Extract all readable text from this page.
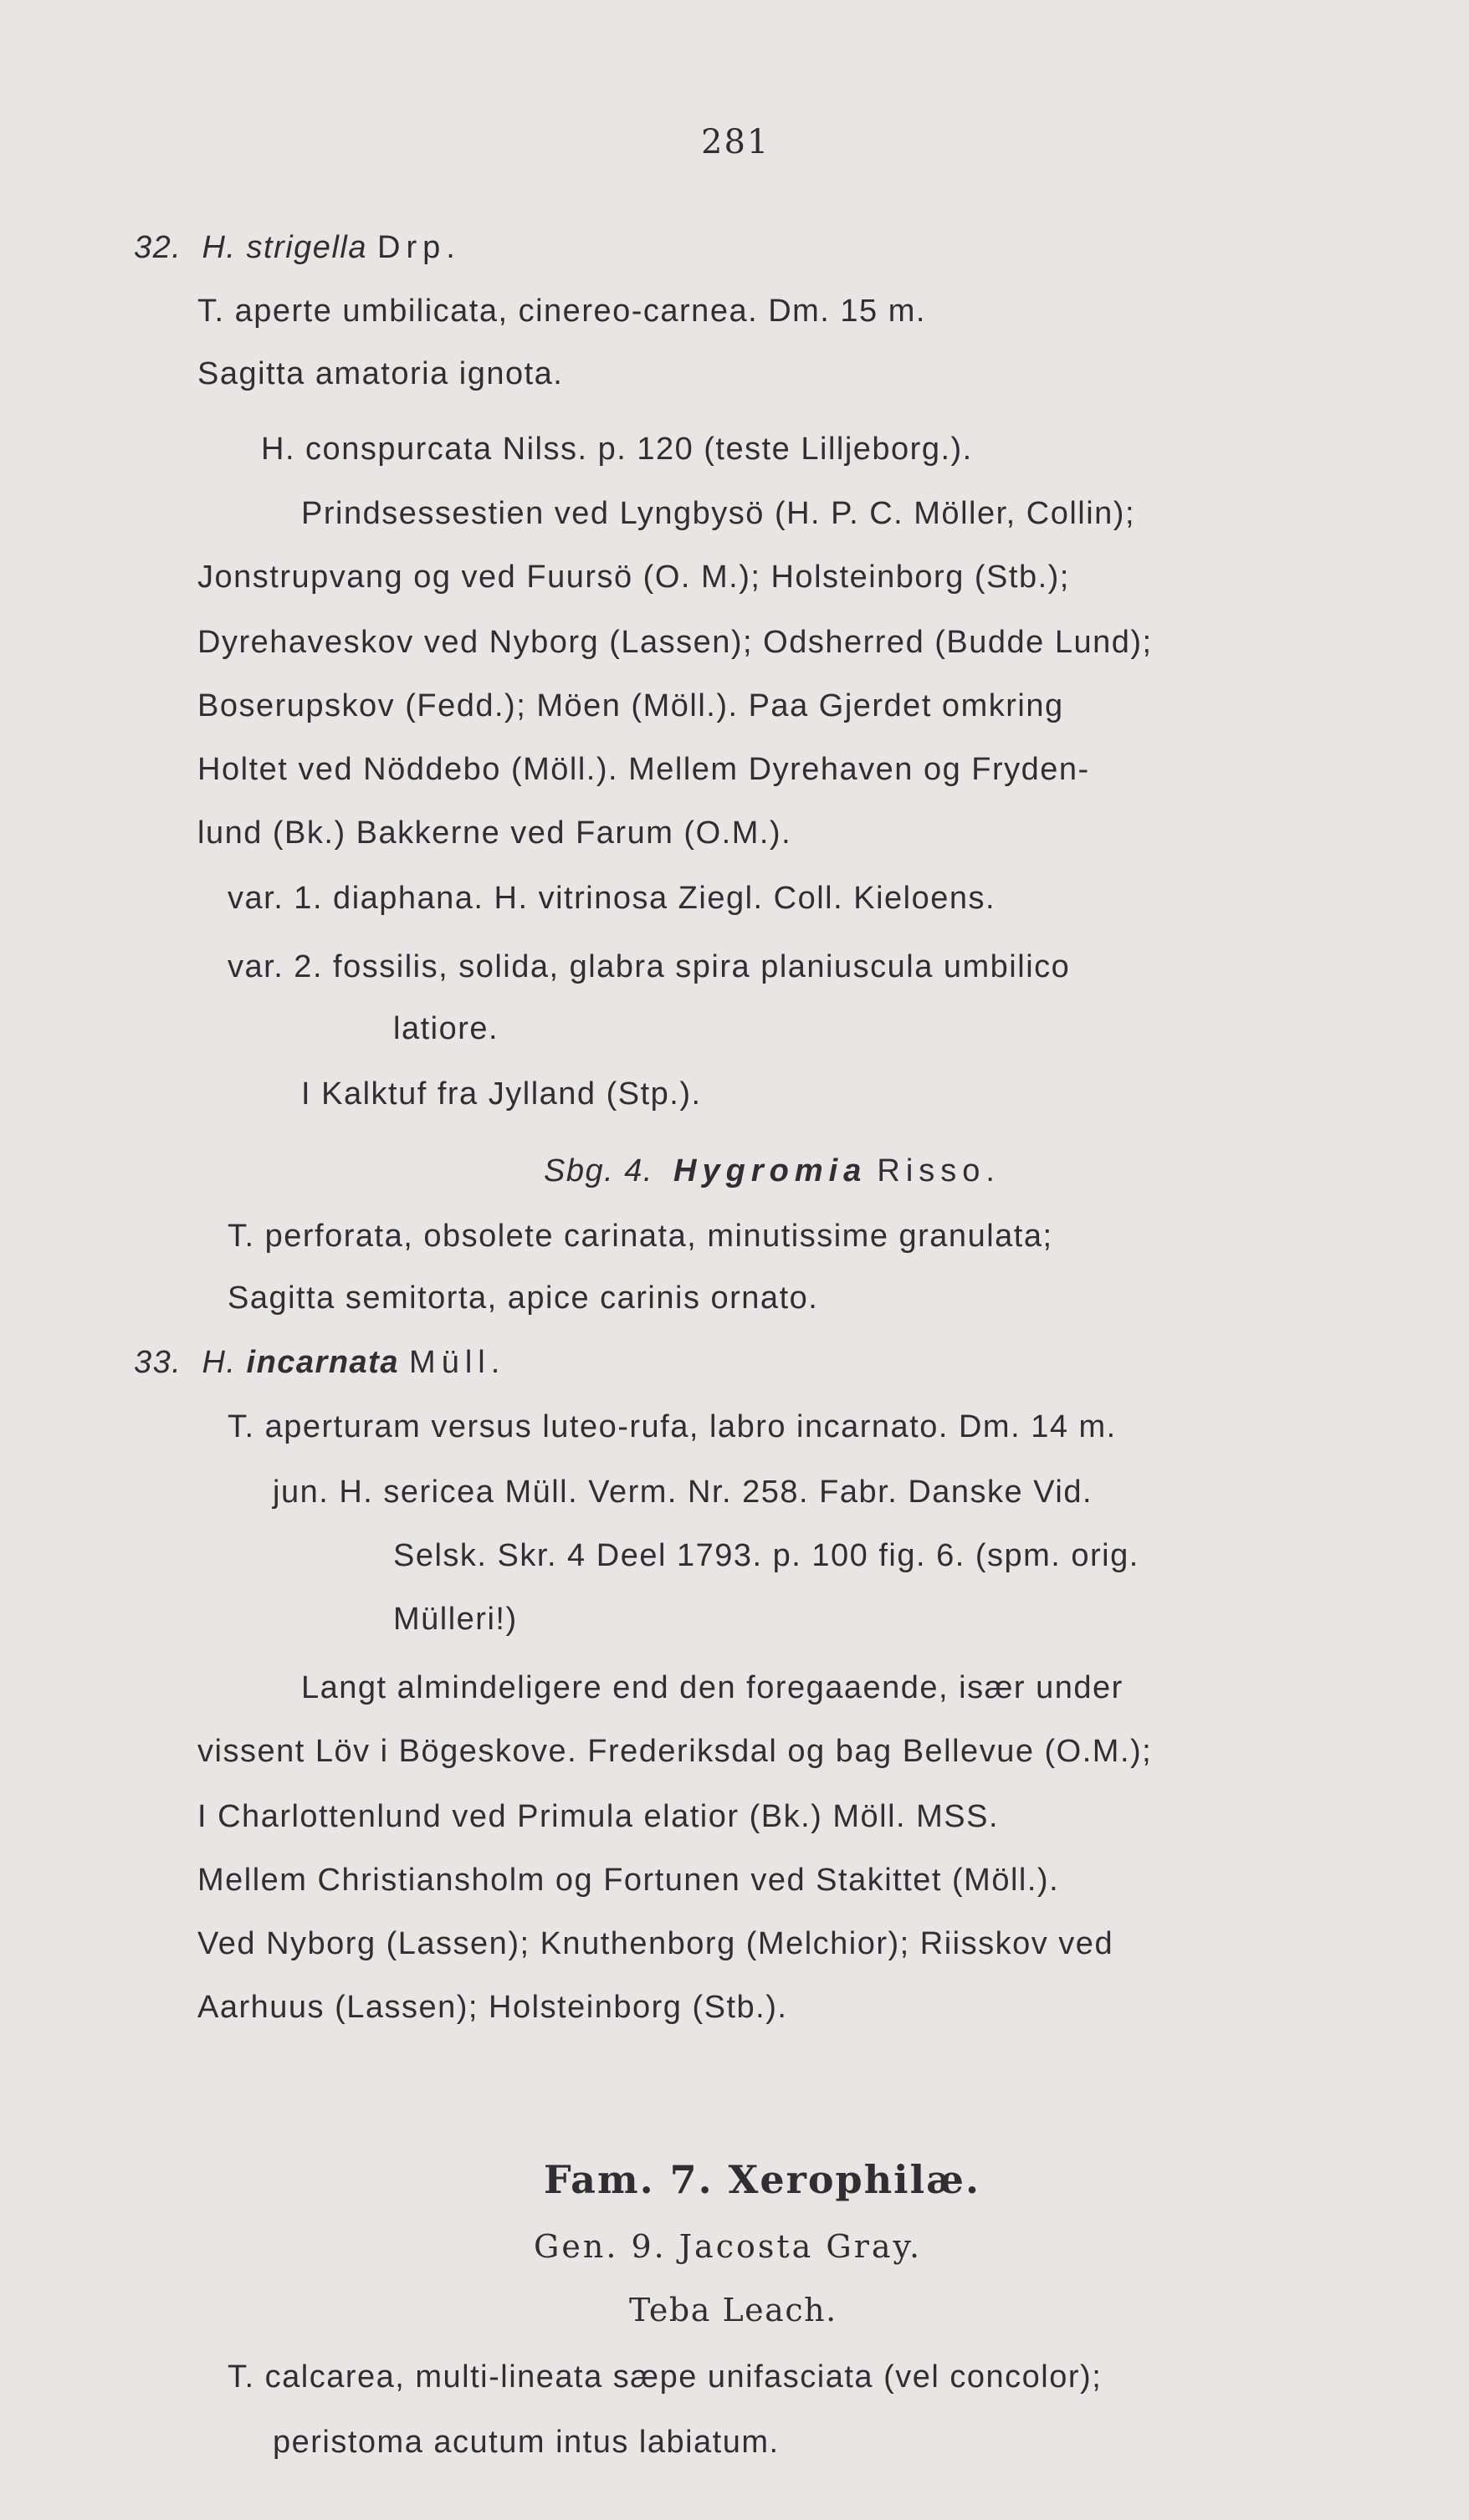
281
32. H. strigella Drp.
T. aperte umbilicata, cinereo-carnea. Dm. 15 m.
Sagitta amatoria ignota.
H. conspurcata Nilss. p. 120 (teste Lilljeborg.).
Prindsessestien ved Lyngbysö (H. P. C. Möller, Collin);
Jonstrupvang og ved Fuursö (O. M.); Holsteinborg (Stb.);
Dyrehaveskov ved Nyborg (Lassen); Odsherred (Budde Lund);
Boserupskov (Fedd.); Möen (Möll.). Paa Gjerdet omkring
Holtet ved Nöddebo (Möll.). Mellem Dyrehaven og Fryden-
lund (Bk.) Bakkerne ved Farum (O.M.).
var. 1. diaphana. H. vitrinosa Ziegl. Coll. Kieloens.
var. 2. fossilis, solida, glabra spira planiuscula umbilico
latiore.
I Kalktuf fra Jylland (Stp.).
Sbg. 4. Hygromia Risso.
T. perforata, obsolete carinata, minutissime granulata;
Sagitta semitorta, apice carinis ornato.
33. H. incarnata Müll.
T. aperturam versus luteo-rufa, labro incarnato. Dm. 14 m.
jun. H. sericea Müll. Verm. Nr. 258. Fabr. Danske Vid.
Selsk. Skr. 4 Deel 1793. p. 100 fig. 6. (spm. orig.
Mülleri!)
Langt almindeligere end den foregaaende, især under
vissent Löv i Bögeskove. Frederiksdal og bag Bellevue (O.M.);
I Charlottenlund ved Primula elatior (Bk.) Möll. MSS.
Mellem Christiansholm og Fortunen ved Stakittet (Möll.).
Ved Nyborg (Lassen); Knuthenborg (Melchior); Riisskov ved
Aarhuus (Lassen); Holsteinborg (Stb.).
Fam. 7. Xerophilæ.
Gen. 9. Jacosta Gray.
Teba Leach.
T. calcarea, multi-lineata sæpe unifasciata (vel concolor);
peristoma acutum intus labiatum.
